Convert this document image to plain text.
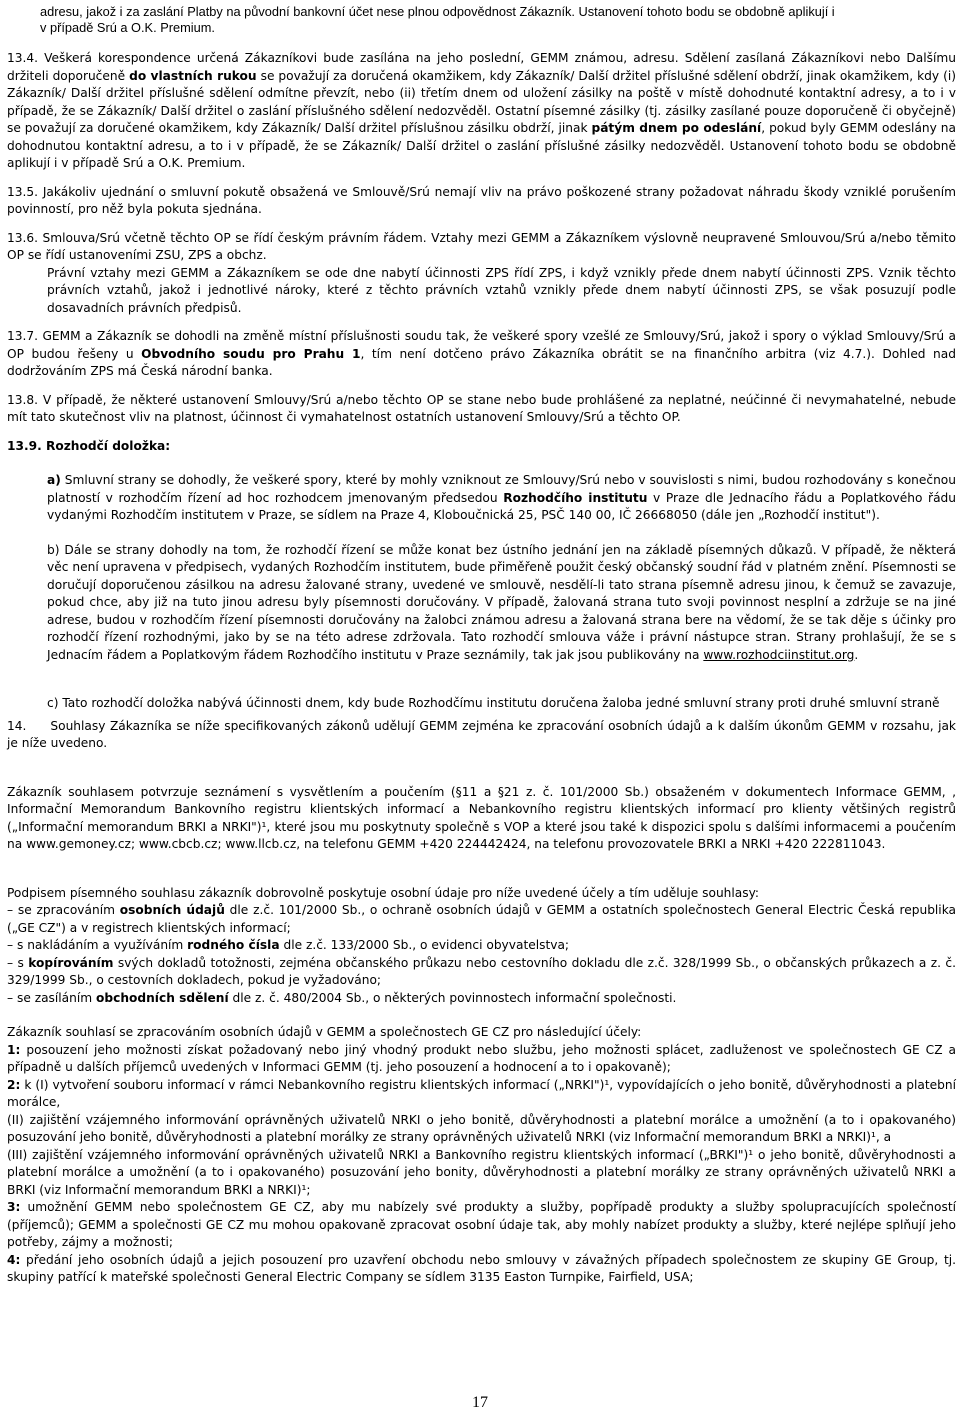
adresu, jakož i za zaslání Platby na původní bankovní účet nese plnou odpovědnost Zákazník. Ustanovení tohoto bodu se obdobně aplikují i
v případě Srú a O.K. Premium.

13.4. Veškerá korespondence určená Zákazníkovi bude zasílána na jeho poslední, GEMM známou, adresu. Sdělení zasílaná Zákazníkovi nebo Dalšímu držiteli doporučeně do vlastních rukou se považují za doručená okamžikem, kdy Zákazník/ Další držitel příslušné sdělení obdrží, jinak okamžikem, kdy (i) Zákazník/ Další držitel příslušné sdělení odmítne převzít, nebo (ii) třetím dnem od uložení zásilky na poště v místě dohodnuté kontaktní adresy, a to i v případě, že se Zákazník/ Další držitel o zaslání příslušného sdělení nedozvěděl. Ostatní písemné zásilky (tj. zásilky zasílané pouze doporučeně či obyčejně) se považují za doručené okamžikem, kdy Zákazník/ Další držitel příslušnou zásilku obdrží, jinak pátým dnem po odeslání, pokud byly GEMM odeslány na dohodnutou kontaktní adresu, a to i v případě, že se Zákazník/ Další držitel o zaslání příslušné zásilky nedozvěděl. Ustanovení tohoto bodu se obdobně aplikují i v případě Srú a O.K. Premium.

13.5. Jakákoliv ujednání o smluvní pokutě obsažená ve Smlouvě/Srú nemají vliv na právo poškozené strany požadovat náhradu škody vzniklé porušením povinností, pro něž byla pokuta sjednána.

13.6. Smlouva/Srú včetně těchto OP se řídí českým právním řádem. Vztahy mezi GEMM a Zákazníkem výslovně neupravené Smlouvou/Srú a/nebo těmito OP se řídí ustanoveními ZSU, ZPS a obchz.

Právní vztahy mezi GEMM a Zákazníkem se ode dne nabytí účinnosti ZPS řídí ZPS, i když vznikly přede dnem nabytí účinnosti ZPS. Vznik těchto právních vztahů, jakož i jednotlivé nároky, které z těchto právních vztahů vznikly přede dnem nabytí účinnosti ZPS, se však posuzují podle dosavadních právních předpisů.

13.7. GEMM a Zákazník se dohodli na změně místní příslušnosti soudu tak, že veškeré spory vzešlé ze Smlouvy/Srú, jakož i spory o výklad Smlouvy/Srú a OP budou řešeny u Obvodního soudu pro Prahu 1, tím není dotčeno právo Zákazníka obrátit se na finančního arbitra (viz 4.7.). Dohled nad dodržováním ZPS má Česká národní banka.

13.8. V případě, že některé ustanovení Smlouvy/Srú a/nebo těchto OP se stane nebo bude prohlášené za neplatné, neúčinné či nevymahatelné, nebude mít tato skutečnost vliv na platnost, účinnost či vymahatelnost ostatních ustanovení Smlouvy/Srú a těchto OP.

13.9. Rozhodčí doložka:

a) Smluvní strany se dohodly, že veškeré spory, které by mohly vzniknout ze Smlouvy/Srú nebo v souvislosti s nimi, budou rozhodovány s konečnou platností v rozhodčím řízení ad hoc rozhodcem jmenovaným předsedou Rozhodčího institutu v Praze dle Jednacího řádu a Poplatkového řádu vydanými Rozhodčím institutem v Praze, se sídlem na Praze 4, Kloboučnická 25, PSČ 140 00, IČ 26668050 (dále jen „Rozhodčí institut").

b) Dále se strany dohodly na tom, že rozhodčí řízení se může konat bez ústního jednání jen na základě písemných důkazů. V případě, že některá věc není upravena v předpisech, vydaných Rozhodčím institutem, bude přiměřeně použit český občanský soudní řád v platném znění. Písemnosti se doručují doporučenou zásilkou na adresu žalované strany, uvedené ve smlouvě, nesdělí-li tato strana písemně adresu jinou, k čemuž se zavazuje, pokud chce, aby již na tuto jinou adresu byly písemnosti doručovány. V případě, žalovaná strana tuto svoji povinnost nesplní a zdržuje se na jiné adrese, budou v rozhodčím řízení písemnosti doručovány na žalobci známou adresu a žalovaná strana bere na vědomí, že se tak děje s účinky pro rozhodčí řízení rozhodnými, jako by se na této adrese zdržovala. Tato rozhodčí smlouva váže i právní nástupce stran. Strany prohlašují, že se s Jednacím řádem a Poplatkovým řádem Rozhodčího institutu v Praze seznámily, tak jak jsou publikovány na www.rozhodciinstitut.org.

c) Tato rozhodčí doložka nabývá účinnosti dnem, kdy bude Rozhodčímu institutu doručena žaloba jedné smluvní strany proti druhé smluvní straně

14. Souhlasy Zákazníka se níže specifikovaných zákonů udělují GEMM zejména ke zpracování osobních údajů a k dalším úkonům GEMM v rozsahu, jak je níže uvedeno.

Zákazník souhlasem potvrzuje seznámení s vysvětlením a poučením (§11 a §21 z. č. 101/2000 Sb.) obsaženém v dokumentech Informace GEMM, , Informační Memorandum Bankovního registru klientských informací a Nebankovního registru klientských informací pro klienty většiných registrů („Informační memorandum BRKI a NRKI")¹, které jsou mu poskytnuty společně s VOP a které jsou také k dispozici spolu s dalšími informacemi a poučením na www.gemoney.cz; www.cbcb.cz; www.llcb.cz, na telefonu GEMM +420 224442424, na telefonu provozovatele BRKI a NRKI +420 222811043.

Podpisem písemného souhlasu zákazník dobrovolně poskytuje osobní údaje pro níže uvedené účely a tím uděluje souhlasy:

– se zpracováním osobních údajů dle z.č. 101/2000 Sb., o ochraně osobních údajů v GEMM a ostatních společnostech General Electric Česká republika („GE CZ") a v registrech klientských informací;

– s nakládáním a využíváním rodného čísla dle z.č. 133/2000 Sb., o evidenci obyvatelstva;

– s kopírováním svých dokladů totožnosti, zejména občanského průkazu nebo cestovního dokladu dle z.č. 328/1999 Sb., o občanských průkazech a z. č. 329/1999 Sb., o cestovních dokladech, pokud je vyžadováno;

– se zasíláním obchodních sdělení dle z. č. 480/2004 Sb., o některých povinnostech informační společnosti.

Zákazník souhlasí se zpracováním osobních údajů v GEMM a společnostech GE CZ pro následující účely:

1: posouzení jeho možnosti získat požadovaný nebo jiný vhodný produkt nebo službu, jeho možnosti splácet, zadluženost ve společnostech GE CZ a případně u dalších příjemců uvedených v Informaci GEMM (tj. jeho posouzení a hodnocení a to i opakovaně);

2: k (I) vytvoření souboru informací v rámci Nebankovního registru klientských informací („NRKI")¹, vypovídajících o jeho bonitě, důvěryhodnosti a platební morálce,

(II) zajištění vzájemného informování oprávněných uživatelů NRKI o jeho bonitě, důvěryhodnosti a platební morálce a umožnění (a to i opakovaného) posuzování jeho bonitě, důvěryhodnosti a platební morálky ze strany oprávněných uživatelů NRKI (viz Informační memorandum BRKI a NRKI)¹, a

(III) zajištění vzájemného informování oprávněných uživatelů NRKI a Bankovního registru klientských informací („BRKI")¹ o jeho bonitě, důvěryhodnosti a platební morálce a umožnění (a to i opakovaného) posuzování jeho bonity, důvěryhodnosti a platební morálky ze strany oprávněných uživatelů NRKI a BRKI (viz Informační memorandum BRKI a NRKI)¹;

3: umožnění GEMM nebo společnostem GE CZ, aby mu nabízely své produkty a služby, popřípadě produkty a služby spolupracujících společností (příjemců); GEMM a společnosti GE CZ mu mohou opakovaně zpracovat osobní údaje tak, aby mohly nabízet produkty a služby, které nejlépe splňují jeho potřeby, zájmy a možnosti;

4: předání jeho osobních údajů a jejich posouzení pro uzavření obchodu nebo smlouvy v závažných případech společnostem ze skupiny GE Group, tj. skupiny patřící k mateřské společnosti General Electric Company se sídlem 3135 Easton Turnpike, Fairfield, USA;

17
